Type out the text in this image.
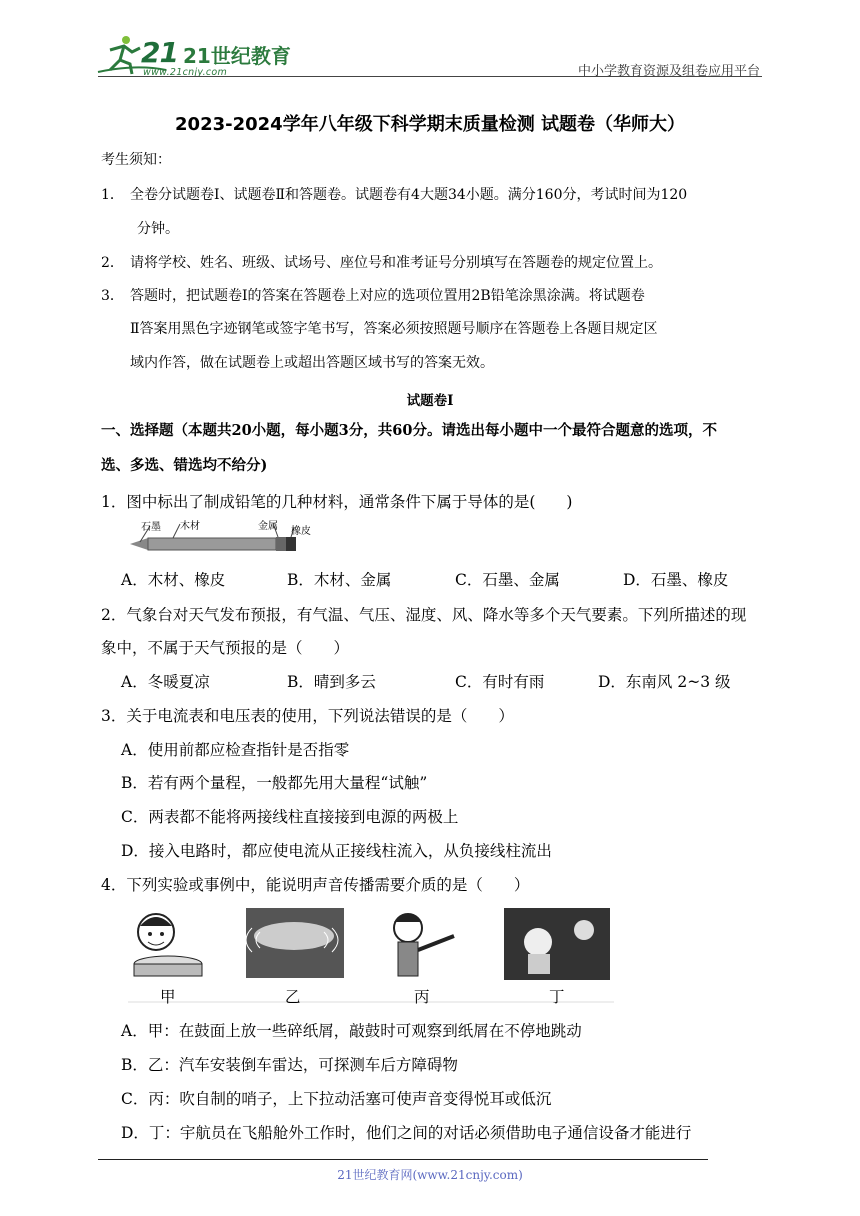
21 21世纪教育
www.21cnjy.com	中小学教育资源及组卷应用平台
2023-2024学年八年级下科学期末质量检测 试题卷（华师大）
考生须知：
1． 全卷分试题卷Ⅰ、试题卷Ⅱ和答题卷。试题卷有4大题34小题。满分160分，考试时间为120
分钟。
2． 请将学校、姓名、班级、试场号、座位号和准考证号分别填写在答题卷的规定位置上。
3． 答题时，把试题卷Ⅰ的答案在答题卷上对应的选项位置用2B铅笔涂黑涂满。将试题卷
Ⅱ答案用黑色字迹钢笔或签字笔书写，答案必须按照题号顺序在答题卷上各题目规定区
域内作答，做在试题卷上或超出答题区域书写的答案无效。
试题卷Ⅰ
一、选择题（本题共20小题，每小题3分，共60分。请选出每小题中一个最符合题意的选项，不
选、多选、错选均不给分)
1．图中标出了制成铅笔的几种材料，通常条件下属于导体的是(　　)
石墨 木材	金属 橡皮
A．木材、橡皮	B．木材、金属	C．石墨、金属	D．石墨、橡皮
2．气象台对天气发布预报，有气温、气压、湿度、风、降水等多个天气要素。下列所描述的现
象中，不属于天气预报的是（　　）
A．冬暖夏凉	B．晴到多云	C．有时有雨	D．东南风 2~3 级
3．关于电流表和电压表的使用，下列说法错误的是（　　）
A．使用前都应检查指针是否指零
B．若有两个量程，一般都先用大量程“试触”
C．两表都不能将两接线柱直接接到电源的两极上
D．接入电路时，都应使电流从正接线柱流入，从负接线柱流出
4．下列实验或事例中，能说明声音传播需要介质的是（　　）
甲	乙	丙	丁
A．甲：在鼓面上放一些碎纸屑，敲鼓时可观察到纸屑在不停地跳动
B．乙：汽车安装倒车雷达，可探测车后方障碍物
C．丙：吹自制的哨子，上下拉动活塞可使声音变得悦耳或低沉
D．丁：宇航员在飞船舱外工作时，他们之间的对话必须借助电子通信设备才能进行
21世纪教育网(www.21cnjy.com)
